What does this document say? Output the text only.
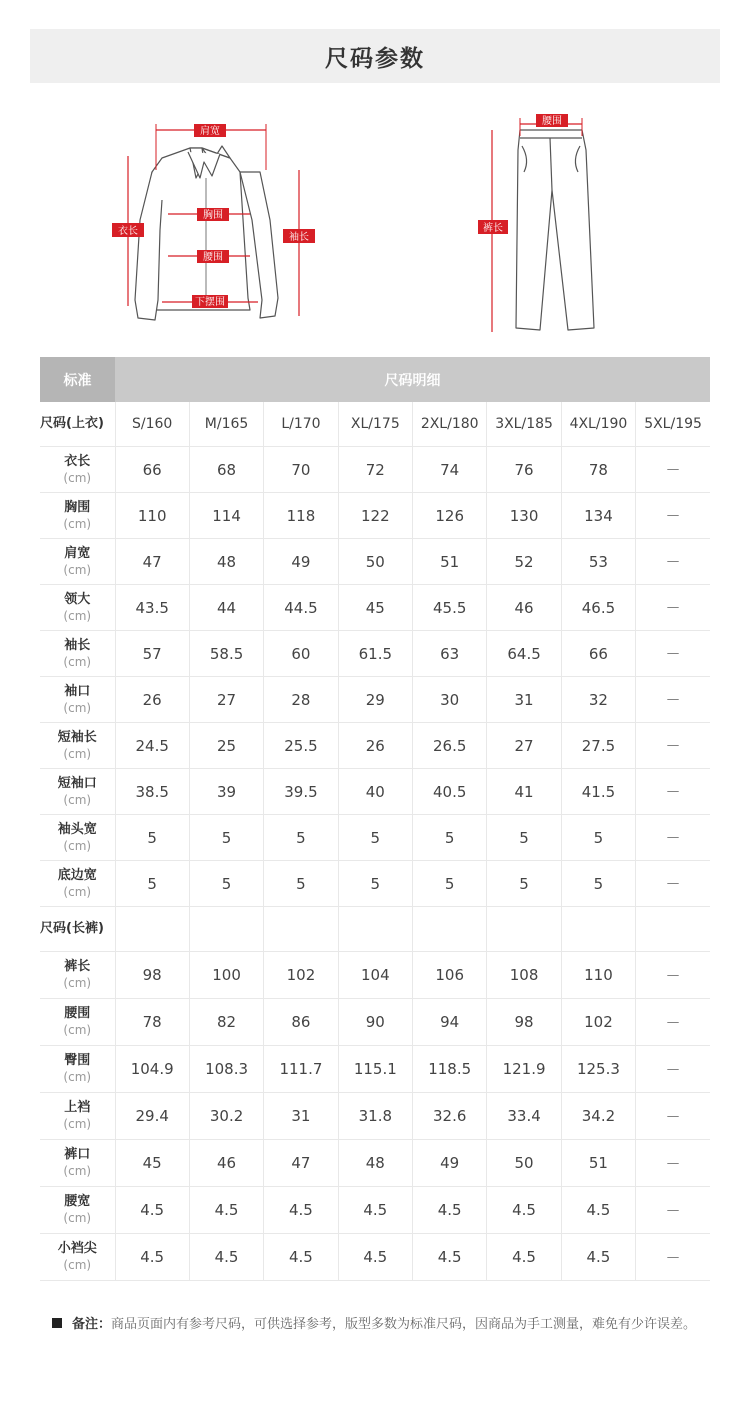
尺码参数
肩宽
胸围
腰围
下摆围
衣长
袖长
腰围
裤长
标准	尺码明细							
尺码(上衣)	S/160	M/165	L/170	XL/175	2XL/180	3XL/185	4XL/190	5XL/195
衣长
(cm)	66	68	70	72	74	76	78	－
胸围
(cm)	110	114	118	122	126	130	134	－
肩宽
(cm)	47	48	49	50	51	52	53	－
领大
(cm)	43.5	44	44.5	45	45.5	46	46.5	－
袖长
(cm)	57	58.5	60	61.5	63	64.5	66	－
袖口
(cm)	26	27	28	29	30	31	32	－
短袖长
(cm)	24.5	25	25.5	26	26.5	27	27.5	－
短袖口
(cm)	38.5	39	39.5	40	40.5	41	41.5	－
袖头宽
(cm)	5	5	5	5	5	5	5	－
底边宽
(cm)	5	5	5	5	5	5	5	－
尺码(长裤)								
裤长
(cm)	98	100	102	104	106	108	110	－
腰围
(cm)	78	82	86	90	94	98	102	－
臀围
(cm)	104.9	108.3	111.7	115.1	118.5	121.9	125.3	－
上裆
(cm)	29.4	30.2	31	31.8	32.6	33.4	34.2	－
裤口
(cm)	45	46	47	48	49	50	51	－
腰宽
(cm)	4.5	4.5	4.5	4.5	4.5	4.5	4.5	－
小裆尖
(cm)	4.5	4.5	4.5	4.5	4.5	4.5	4.5	－
备注：商品页面内有参考尺码，可供选择参考，版型多数为标准尺码，因商品为手工测量，难免有少许误差。
